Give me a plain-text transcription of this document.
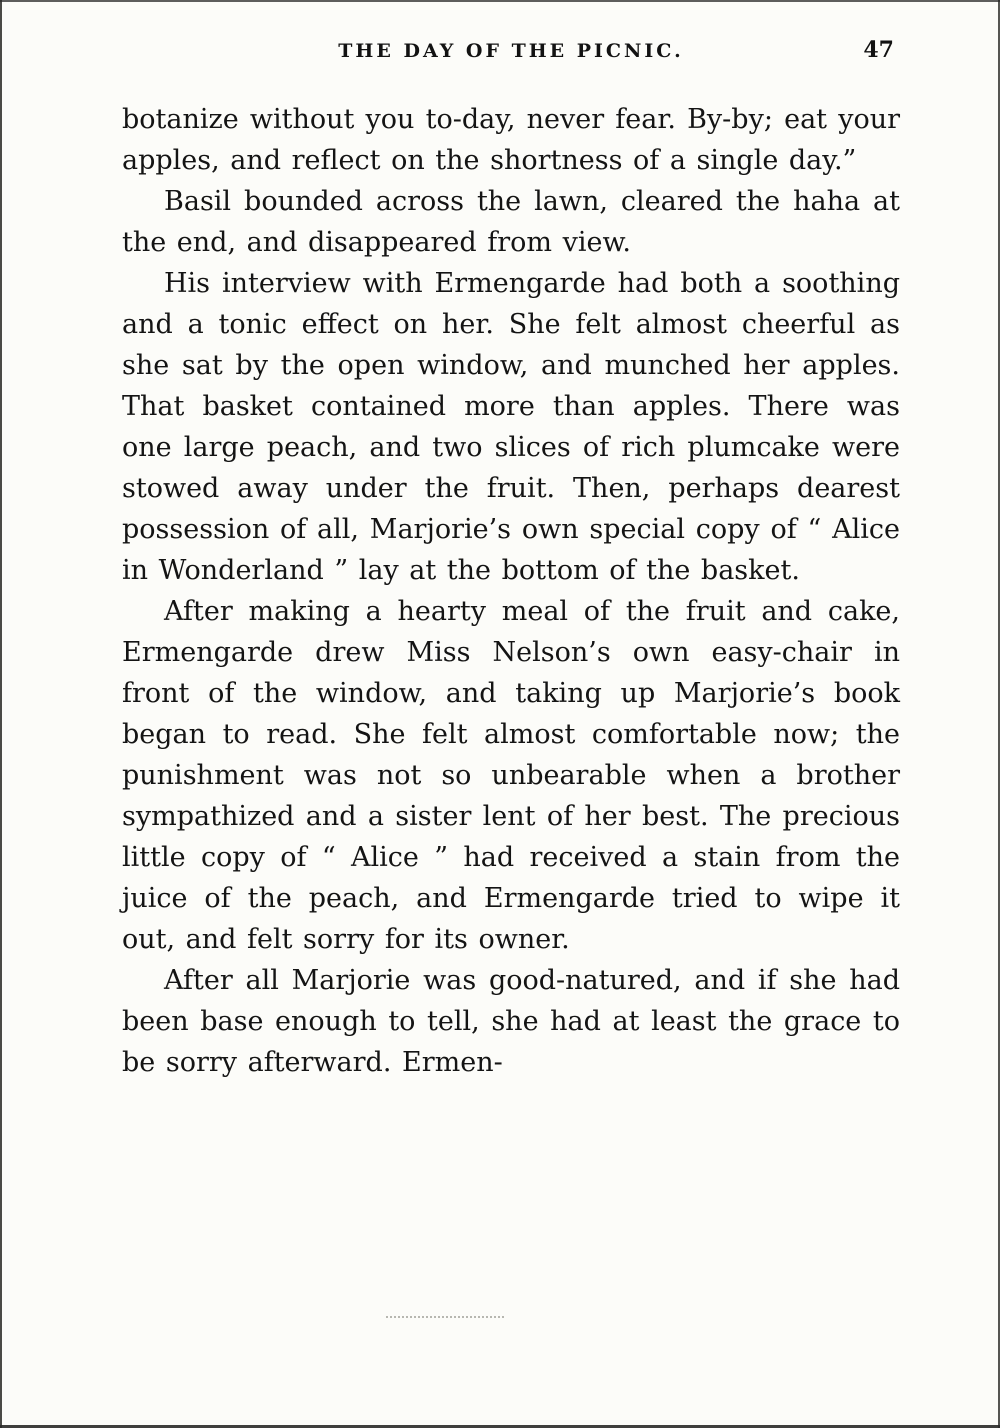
THE DAY OF THE PICNIC.	47

botanize without you to-day, never fear. By-by; eat your apples, and reflect on the shortness of a single day.”

Basil bounded across the lawn, cleared the haha at the end, and disappeared from view.

His interview with Ermengarde had both a soothing and a tonic effect on her. She felt almost cheerful as she sat by the open window, and munched her apples. That basket contained more than apples. There was one large peach, and two slices of rich plumcake were stowed away under the fruit. Then, perhaps dearest possession of all, Marjorie’s own special copy of “ Alice in Wonderland ” lay at the bottom of the basket.

After making a hearty meal of the fruit and cake, Ermengarde drew Miss Nelson’s own easy-chair in front of the window, and taking up Marjorie’s book began to read. She felt almost comfortable now; the punishment was not so unbearable when a brother sympathized and a sister lent of her best. The precious little copy of “ Alice ” had received a stain from the juice of the peach, and Ermengarde tried to wipe it out, and felt sorry for its owner.

After all Marjorie was good-natured, and if she had been base enough to tell, she had at least the grace to be sorry afterward. Ermen-
